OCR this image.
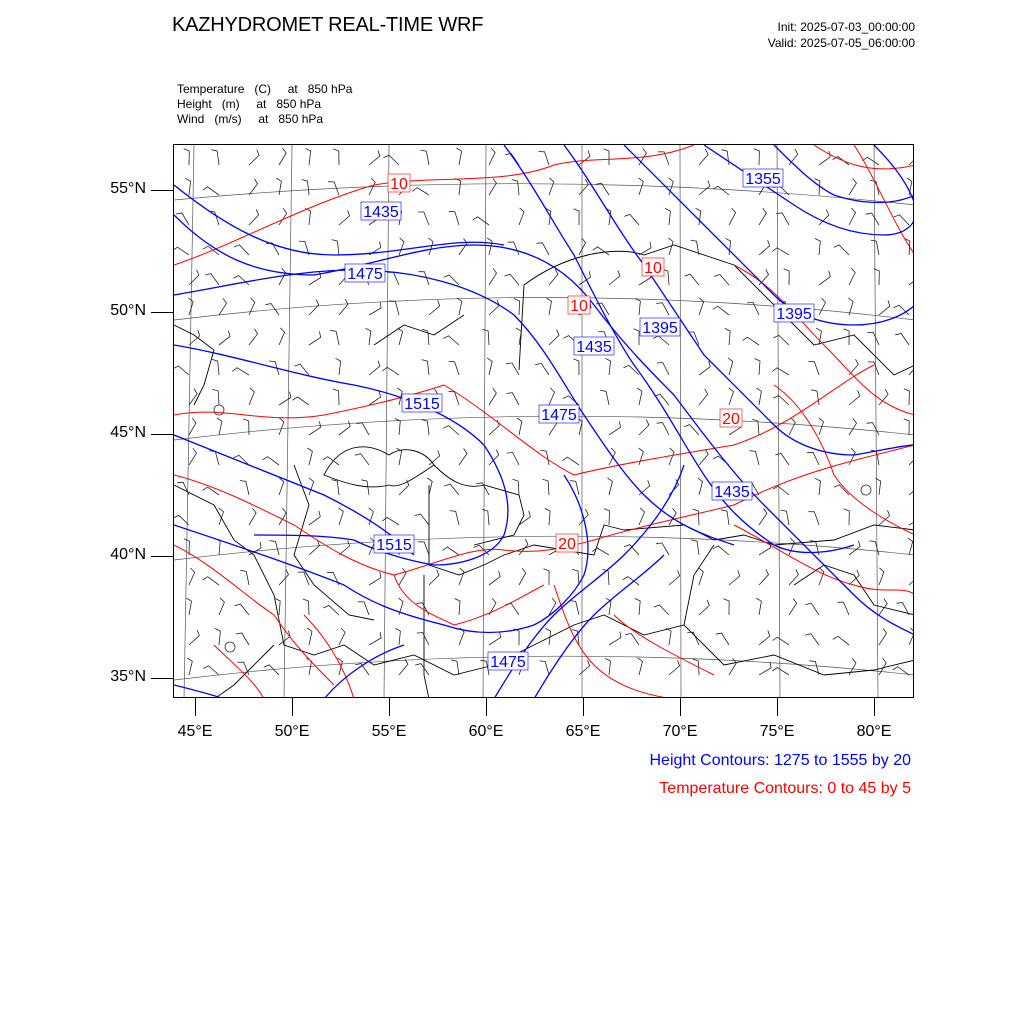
KAZHYDROMET REAL-TIME WRF	Init: 2025-07-03_00:00:00
Valid: 2025-07-05_06:00:00
Temperature   (C)     at   850 hPa
Height   (m)     at   850 hPa
Wind   (m/s)     at   850 hPa
1355
1435
1475
1395
1395
1435
1515
1475
1435
1515
1475
10
10
10
20
20
55°N
50°N
45°N
40°N
35°N
45°E	50°E	55°E	60°E	65°E	70°E	75°E	80°E
Height Contours: 1275 to 1555 by 20
Temperature Contours: 0 to 45 by 5
